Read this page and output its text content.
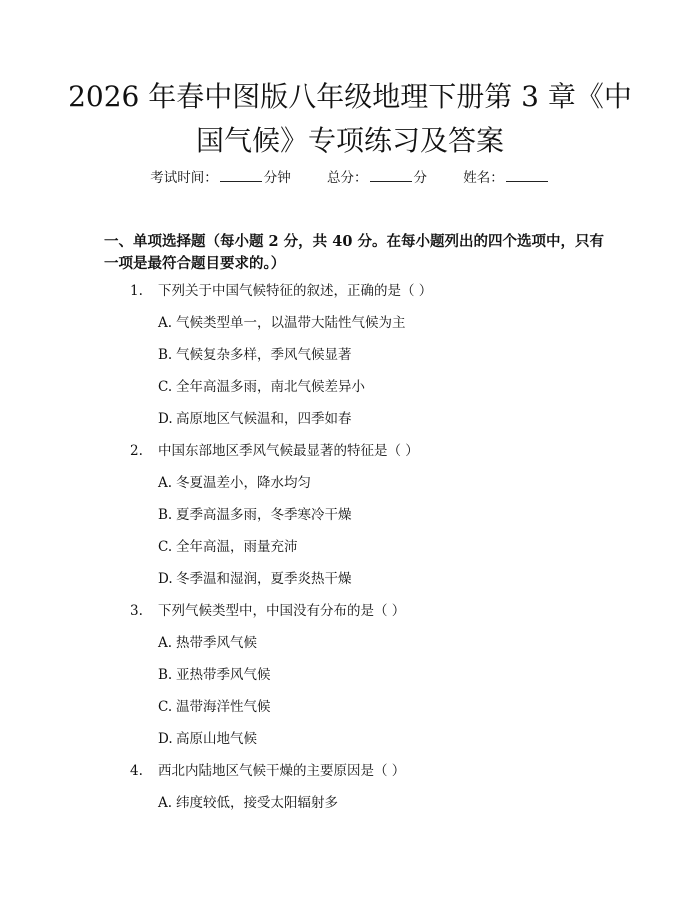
2026 年春中图版八年级地理下册第 3 章《中
国气候》专项练习及答案
考试时间：	分钟	总分：	分	姓名：
一、单项选择题（每小题 2 分，共 40 分。在每小题列出的四个选项中，只有一项是最符合题目要求的。）
1. 下列关于中国气候特征的叙述，正确的是（ ）
A. 气候类型单一，以温带大陆性气候为主
B. 气候复杂多样，季风气候显著
C. 全年高温多雨，南北气候差异小
D. 高原地区气候温和，四季如春
2. 中国东部地区季风气候最显著的特征是（ ）
A. 冬夏温差小，降水均匀
B. 夏季高温多雨，冬季寒冷干燥
C. 全年高温，雨量充沛
D. 冬季温和湿润，夏季炎热干燥
3. 下列气候类型中，中国没有分布的是（ ）
A. 热带季风气候
B. 亚热带季风气候
C. 温带海洋性气候
D. 高原山地气候
4. 西北内陆地区气候干燥的主要原因是（ ）
A. 纬度较低，接受太阳辐射多
